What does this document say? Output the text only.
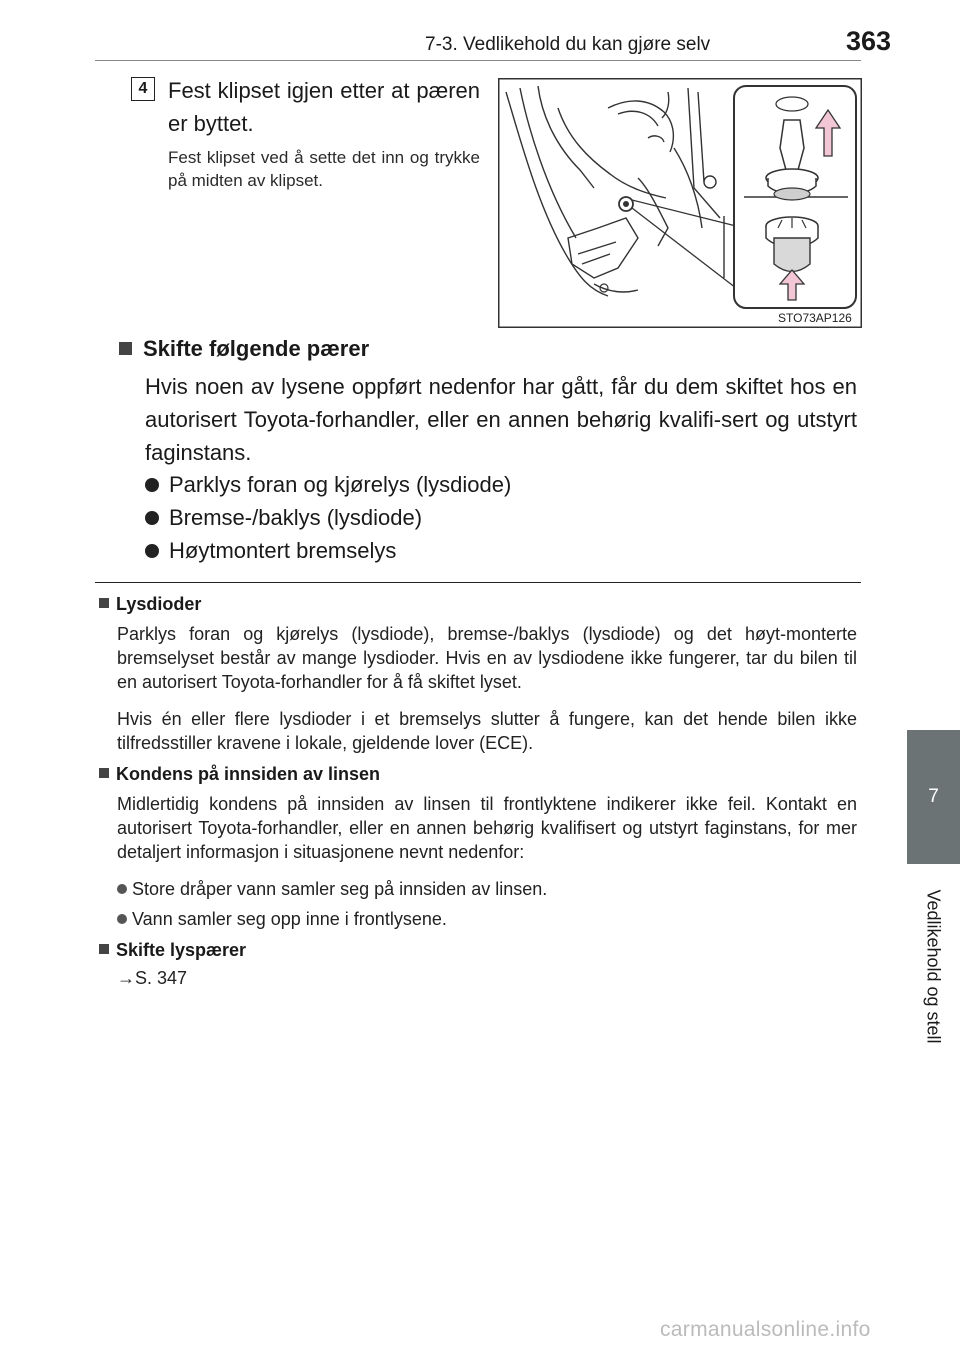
7-3. Vedlikehold du kan gjøre selv	363
7
Vedlikehold og stell
4 Fest klipset igjen etter at pæren er byttet.

Fest klipset ved å sette det inn og trykke på midten av klipset.

STO73AP126
Skifte følgende pærer

Hvis noen av lysene oppført nedenfor har gått, får du dem skiftet hos en autorisert Toyota-forhandler, eller en annen behørig kvalifi-sert og utstyrt faginstans.

Parklys foran og kjørelys (lysdiode)
Bremse-/baklys (lysdiode)
Høytmontert bremselys
Lysdioder

Parklys foran og kjørelys (lysdiode), bremse-/baklys (lysdiode) og det høyt-monterte bremselyset består av mange lysdioder. Hvis en av lysdiodene ikke fungerer, tar du bilen til en autorisert Toyota-forhandler for å få skiftet lyset.

Hvis én eller flere lysdioder i et bremselys slutter å fungere, kan det hende bilen ikke tilfredsstiller kravene i lokale, gjeldende lover (ECE).

Kondens på innsiden av linsen

Midlertidig kondens på innsiden av linsen til frontlyktene indikerer ikke feil. Kontakt en autorisert Toyota-forhandler, eller en annen behørig kvalifisert og utstyrt faginstans, for mer detaljert informasjon i situasjonene nevnt nedenfor:

Store dråper vann samler seg på innsiden av linsen.
Vann samler seg opp inne i frontlysene.
Skifte lyspærer
→S. 347
carmanualsonline.info
